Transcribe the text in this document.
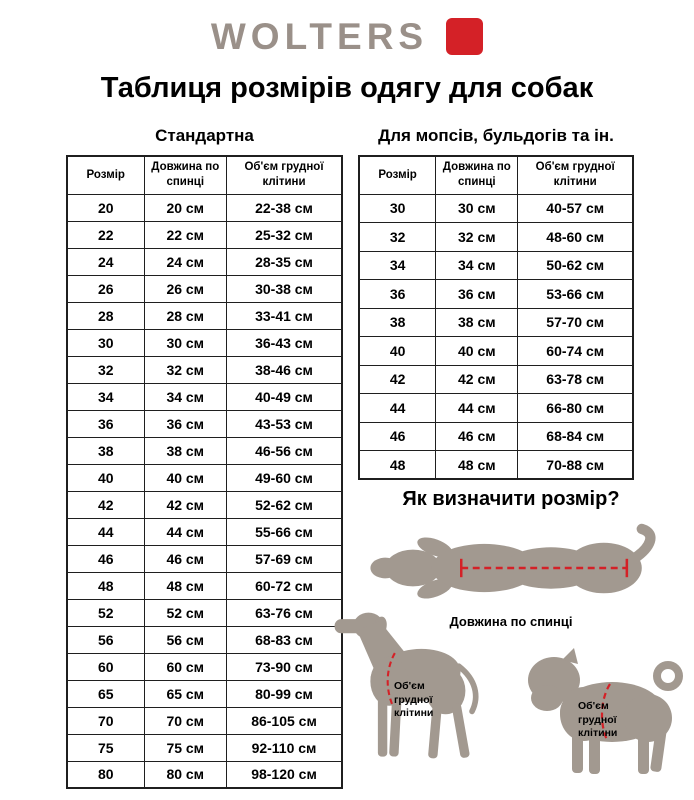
WOLTERS
Таблиця розмірів одягу для собак
Стандартна
Розмір	Довжина по спинці	Об'єм грудної клітини
20	20 см	22-38 см
22	22 см	25-32 см
24	24 см	28-35 см
26	26 см	30-38 см
28	28 см	33-41 см
30	30 см	36-43 см
32	32 см	38-46 см
34	34 см	40-49 см
36	36 см	43-53 см
38	38 см	46-56 см
40	40 см	49-60 см
42	42 см	52-62 см
44	44 см	55-66 см
46	46 см	57-69 см
48	48 см	60-72 см
52	52 см	63-76 см
56	56 см	68-83 см
60	60 см	73-90 см
65	65 см	80-99 см
70	70 см	86-105 см
75	75 см	92-110 см
80	80 см	98-120 см
Для мопсів, бульдогів та ін.
Розмір	Довжина по спинці	Об'єм грудної клітини
30	30 см	40-57 см
32	32 см	48-60 см
34	34 см	50-62 см
36	36 см	53-66 см
38	38 см	57-70 см
40	40 см	60-74 см
42	42 см	63-78 см
44	44 см	66-80 см
46	46 см	68-84 см
48	48 см	70-88 см
Як визначити розмір?
Довжина по спинці
Об'єм грудної клітини
Об'єм грудної клітини
